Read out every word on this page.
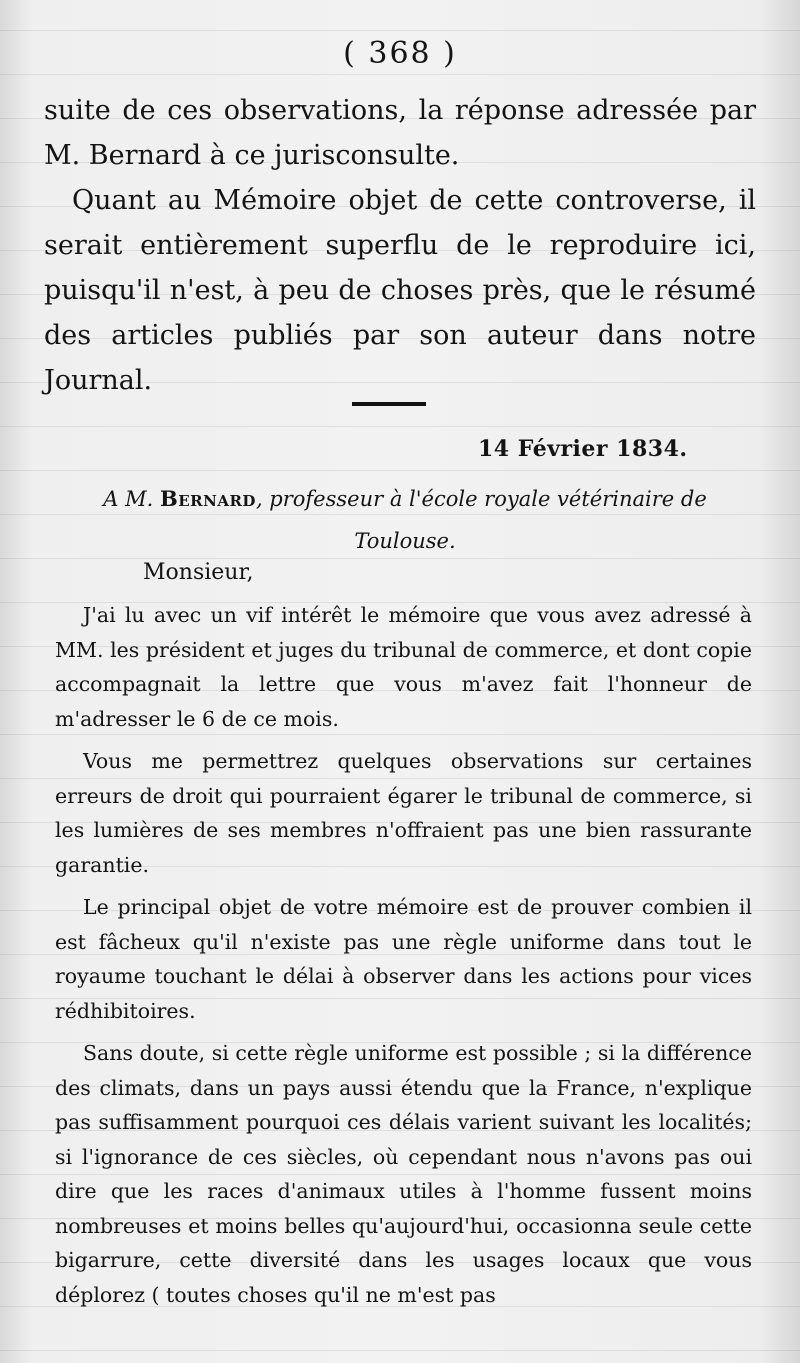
( 368 )

suite de ces observations, la réponse adressée par M. Bernard à ce jurisconsulte.

Quant au Mémoire objet de cette controverse, il serait entièrement superflu de le reproduire ici, puisqu'il n'est, à peu de choses près, que le résumé des articles publiés par son auteur dans notre Journal.

14 Février 1834.
A M. Bernard, professeur à l'école royale vétérinaire de Toulouse.
Monsieur,

J'ai lu avec un vif intérêt le mémoire que vous avez adressé à MM. les président et juges du tribunal de commerce, et dont copie accompagnait la lettre que vous m'avez fait l'honneur de m'adresser le 6 de ce mois.

Vous me permettrez quelques observations sur certaines erreurs de droit qui pourraient égarer le tribunal de commerce, si les lumières de ses membres n'offraient pas une bien rassurante garantie.

Le principal objet de votre mémoire est de prouver combien il est fâcheux qu'il n'existe pas une règle uniforme dans tout le royaume touchant le délai à observer dans les actions pour vices rédhibitoires.

Sans doute, si cette règle uniforme est possible ; si la différence des climats, dans un pays aussi étendu que la France, n'explique pas suffisamment pourquoi ces délais varient suivant les localités; si l'ignorance de ces siècles, où cependant nous n'avons pas oui dire que les races d'animaux utiles à l'homme fussent moins nombreuses et moins belles qu'aujourd'hui, occasionna seule cette bigarrure, cette diversité dans les usages locaux que vous déplorez ( toutes choses qu'il ne m'est pas
